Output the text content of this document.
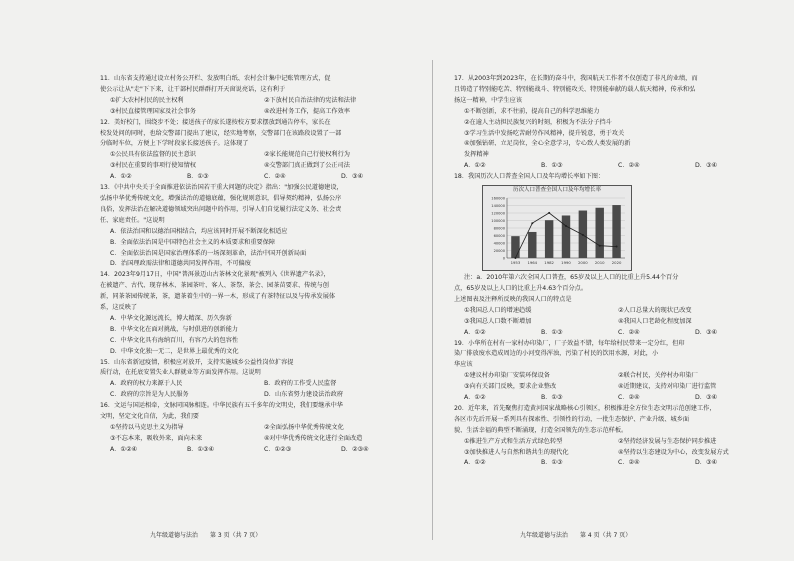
11．山东省支持通过设立村务公开栏、发放明白纸、农村会计集中记账管理方式，促
使公示让从"走"下下来，让干部村民群群打开天窗说亮话，这有利于
①扩大农村村民的民主权利	②下放村民自治法律的宪法和法律
③村民直接管理国家及社会事务	④改进村务工作，提高工作效率
12．美好校门，围绕步不处；接送孩子的家长遂按校方要求摆放到通告停车，家长在
校发处问的同时，也给交警部门提出了建议，经实地考察，交警部门在该路段设置了一部
分临时车位，方便上下学时段家长接送孩子。这体现了
①公民具有依法监督的民主意识	②家长能规范自己行使权利行为
③村民在重要的事项行使知情权	④交警部门真正做到了公正司法
A．①②	B．①③	C．②④	D．③④
13．《中共中央关于全面推进依法治国若干重大问题的决定》指出："加强公民道德建设，
弘扬中华优秀传统文化，增强法治的道德底蕴，强化规则意识，倡导契约精神，弘扬公序
良俗，发挥法治在解决道德领域突出问题中的作用，引导人们自觉履行法定义务、社会责
任、家庭责任。"这说明
A．依法治国和以德治国相结合，均应该同时开展不断深化相适应
B．全面依法治国是中国特色社会主义的本质要求和重要保障
C．全面依法治国是国家治理体系的一场深刻革命，法治中国开创新局面
D．治国理政需法律和道德共同发挥作用，不可偏废
14．2023年9月17日，中国"普洱景迈山古茶林文化景观"被列入《世界遗产名录》，
在被遗产、古代、现存林木、茶园茶叶、客人、茶祭、茶会、园茶苗要求、传统与创
新，同茶茶园传统茶，茶，遗茶着生中的一界一木，形成了有茶特征以及与传承发展体
系，这反映了
A．中华文化源远流长，博大精深、历久弥新
B．中华文化在面对挑战，与时俱进的创新能力
C．中华文化具有海纳百川，有容乃大的包容性
D．中华文化独一无二，是世界上最优秀的文化
15．山东省新冠疫情，积极应对放开，支持实施城乡公益性岗位扩容提
质行动，在托底安置失业人群就业等方面发挥作用。这说明
A．政府的权力来源于人民	B．政府的工作受人民监督
C．政府的宗旨是为人民服务	D．山东省努力建设法治政府
16．文运与国运相牵，文脉同国脉相连。中华民族有五千多年的文明史，我们要继承中华
文明，坚定文化自信，为此，我们要
①坚持以马克思主义为指导	②全面弘扬中华优秀传统文化
③不忘本来，吸收外来，面向未来	④对中华优秀传统文化进行全面改造
A．①②④	B．①③④	C．①②③	D．②③④
17．从2003年到2023年，在长期的奋斗中，我国航天工作者不仅创造了非凡的业绩，而
且铸造了特别能吃苦、特别能战斗、特别能攻关、特别能奉献的载人航天精神，传承和弘
扬这一精神，中学生应该
①不断创新，求不往前，提高自己的科学思维能力
②在逾人主动担民族复兴的时刻，积极为不法分子挡斗
③学习生活中发扬吃苦耐劳作风精神，提升锐意，勇于攻关
④加强钻研、立足岗位，全心全意学习，专心致人类发展的新
发挥精神
A．①②	B．①③	C．②④	D．③④
18．我国历次人口普查全国人口及年均增长率如下图：
历次人口普查全国人口及年均增长率
160000
140000
120000
100000
80000
60000
40000
20000
0
1953 1964 1982 1990 2000 2010 2020
注：a．2010年第六次全国人口普查，65岁及以上人口的比重上升5.44个百分
点，65岁及以上人口的比重上升4.63个百分点。
上述图表及注释所反映的我国人口的特点是
①我国总人口的增速趋缓	②人口总量大的现状已改变
③我国总人口数不断增加	④我国人口老龄化程度加深
A．①②	B．①③	C．②④	D．③④
19．小华所在村有一家村办印染厂，厂子效益不错，每年给村民带来一定分红，但印
染厂排放废水造成周边的小河变得浑浊，污染了村民的饮用水源，对此，小
华应该
①建议村办印染厂安装环保设备	②联合村民，关停村办印染厂
③向有关部门反映，要求企业整改	④近期建议，支持对印染厂进行监管
A．①②	B．①③	C．②④	D．③④
20．近年来，首先聚焦打造黄河国家战略核心引领区，积极推进全方位生态文明示范创建工作，
各区市先后开展一系列具有探索性、引领性的行动，一批生态保护、产业升级、城乡面
貌、生活幸福的典型不断涌现，打造全国领先的生态示范样板。
①推进生产方式和生活方式绿色转型	②坚持经济发展与生态保护同步推进
③加快推进人与自然和谐共生的现代化	④坚持以生态建设为中心，改变发展方式
A．①②	B．①③	C．②④	D．③④
九年级道德与法治　　第 3 页（共 7 页）	九年级道德与法治　　第 4 页（共 7 页）
